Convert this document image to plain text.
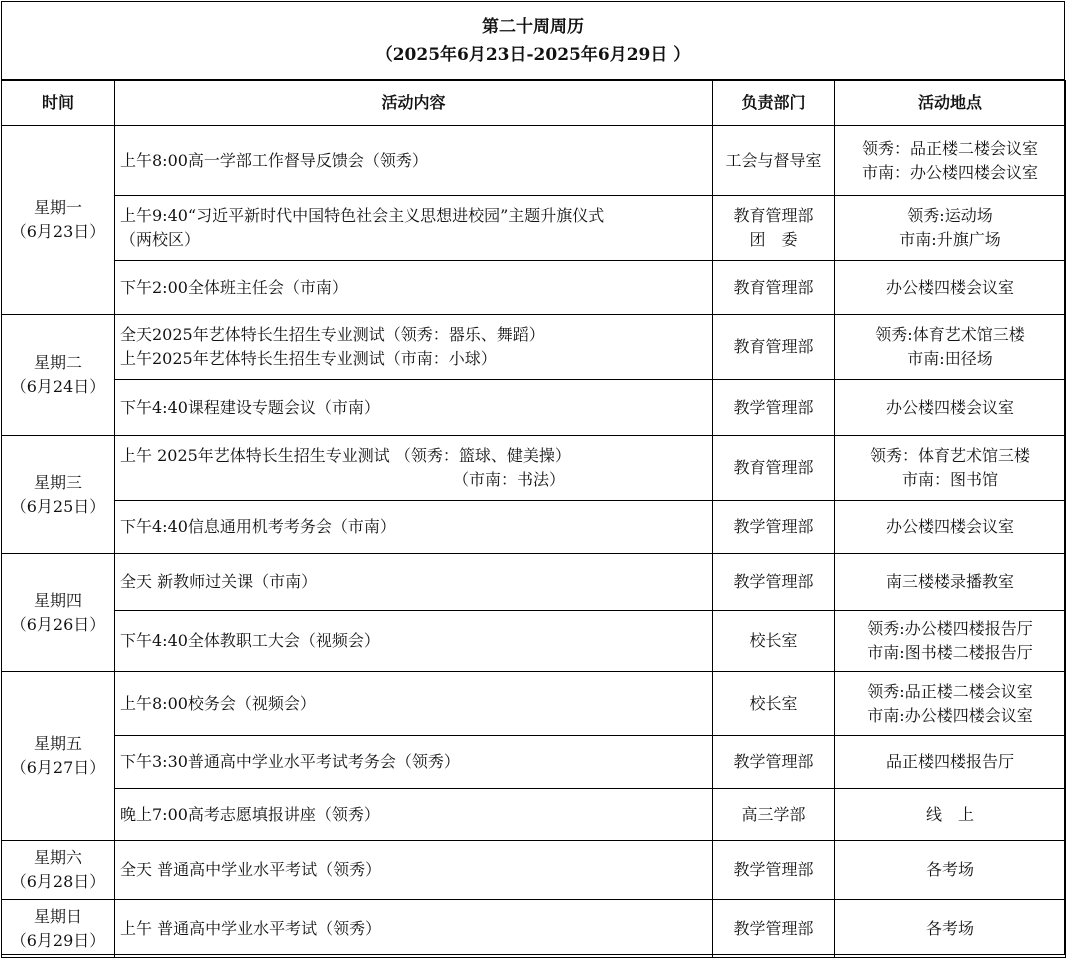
第二十周周历
（2025年6月23日-2025年6月29日 ）
时间	活动内容	负责部门	活动地点

星期一
（6月23日）	上午8:00高一学部工作督导反馈会（领秀）	工会与督导室	领秀：品正楼二楼会议室
市南：办公楼四楼会议室

	上午9:40“习近平新时代中国特色社会主义思想进校园”主题升旗仪式
（两校区）	教育管理部
团　委	领秀:运动场
市南:升旗广场

	下午2:00全体班主任会（市南）	教育管理部	办公楼四楼会议室

星期二
（6月24日）	全天2025年艺体特长生招生专业测试（领秀：器乐、舞蹈）
上午2025年艺体特长生招生专业测试（市南：小球）	教育管理部	领秀:体育艺术馆三楼
市南:田径场

	下午4:40课程建设专题会议（市南）	教学管理部	办公楼四楼会议室

星期三
（6月25日）	上午 2025年艺体特长生招生专业测试 （领秀：篮球、健美操）
（市南：书法）	教育管理部	领秀：体育艺术馆三楼
市南：图书馆

	下午4:40信息通用机考考务会（市南）	教学管理部	办公楼四楼会议室

星期四
（6月26日）	全天 新教师过关课（市南）	教学管理部	南三楼楼录播教室

	下午4:40全体教职工大会（视频会）	校长室	领秀:办公楼四楼报告厅
市南:图书楼二楼报告厅

星期五
（6月27日）	上午8:00校务会（视频会）	校长室	领秀:品正楼二楼会议室
市南:办公楼四楼会议室

	下午3:30普通高中学业水平考试考务会（领秀）	教学管理部	品正楼四楼报告厅

	晚上7:00高考志愿填报讲座（领秀）	高三学部	线　上

星期六
（6月28日）	全天 普通高中学业水平考试（领秀）	教学管理部	各考场

星期日
（6月29日）	上午 普通高中学业水平考试（领秀）	教学管理部	各考场
